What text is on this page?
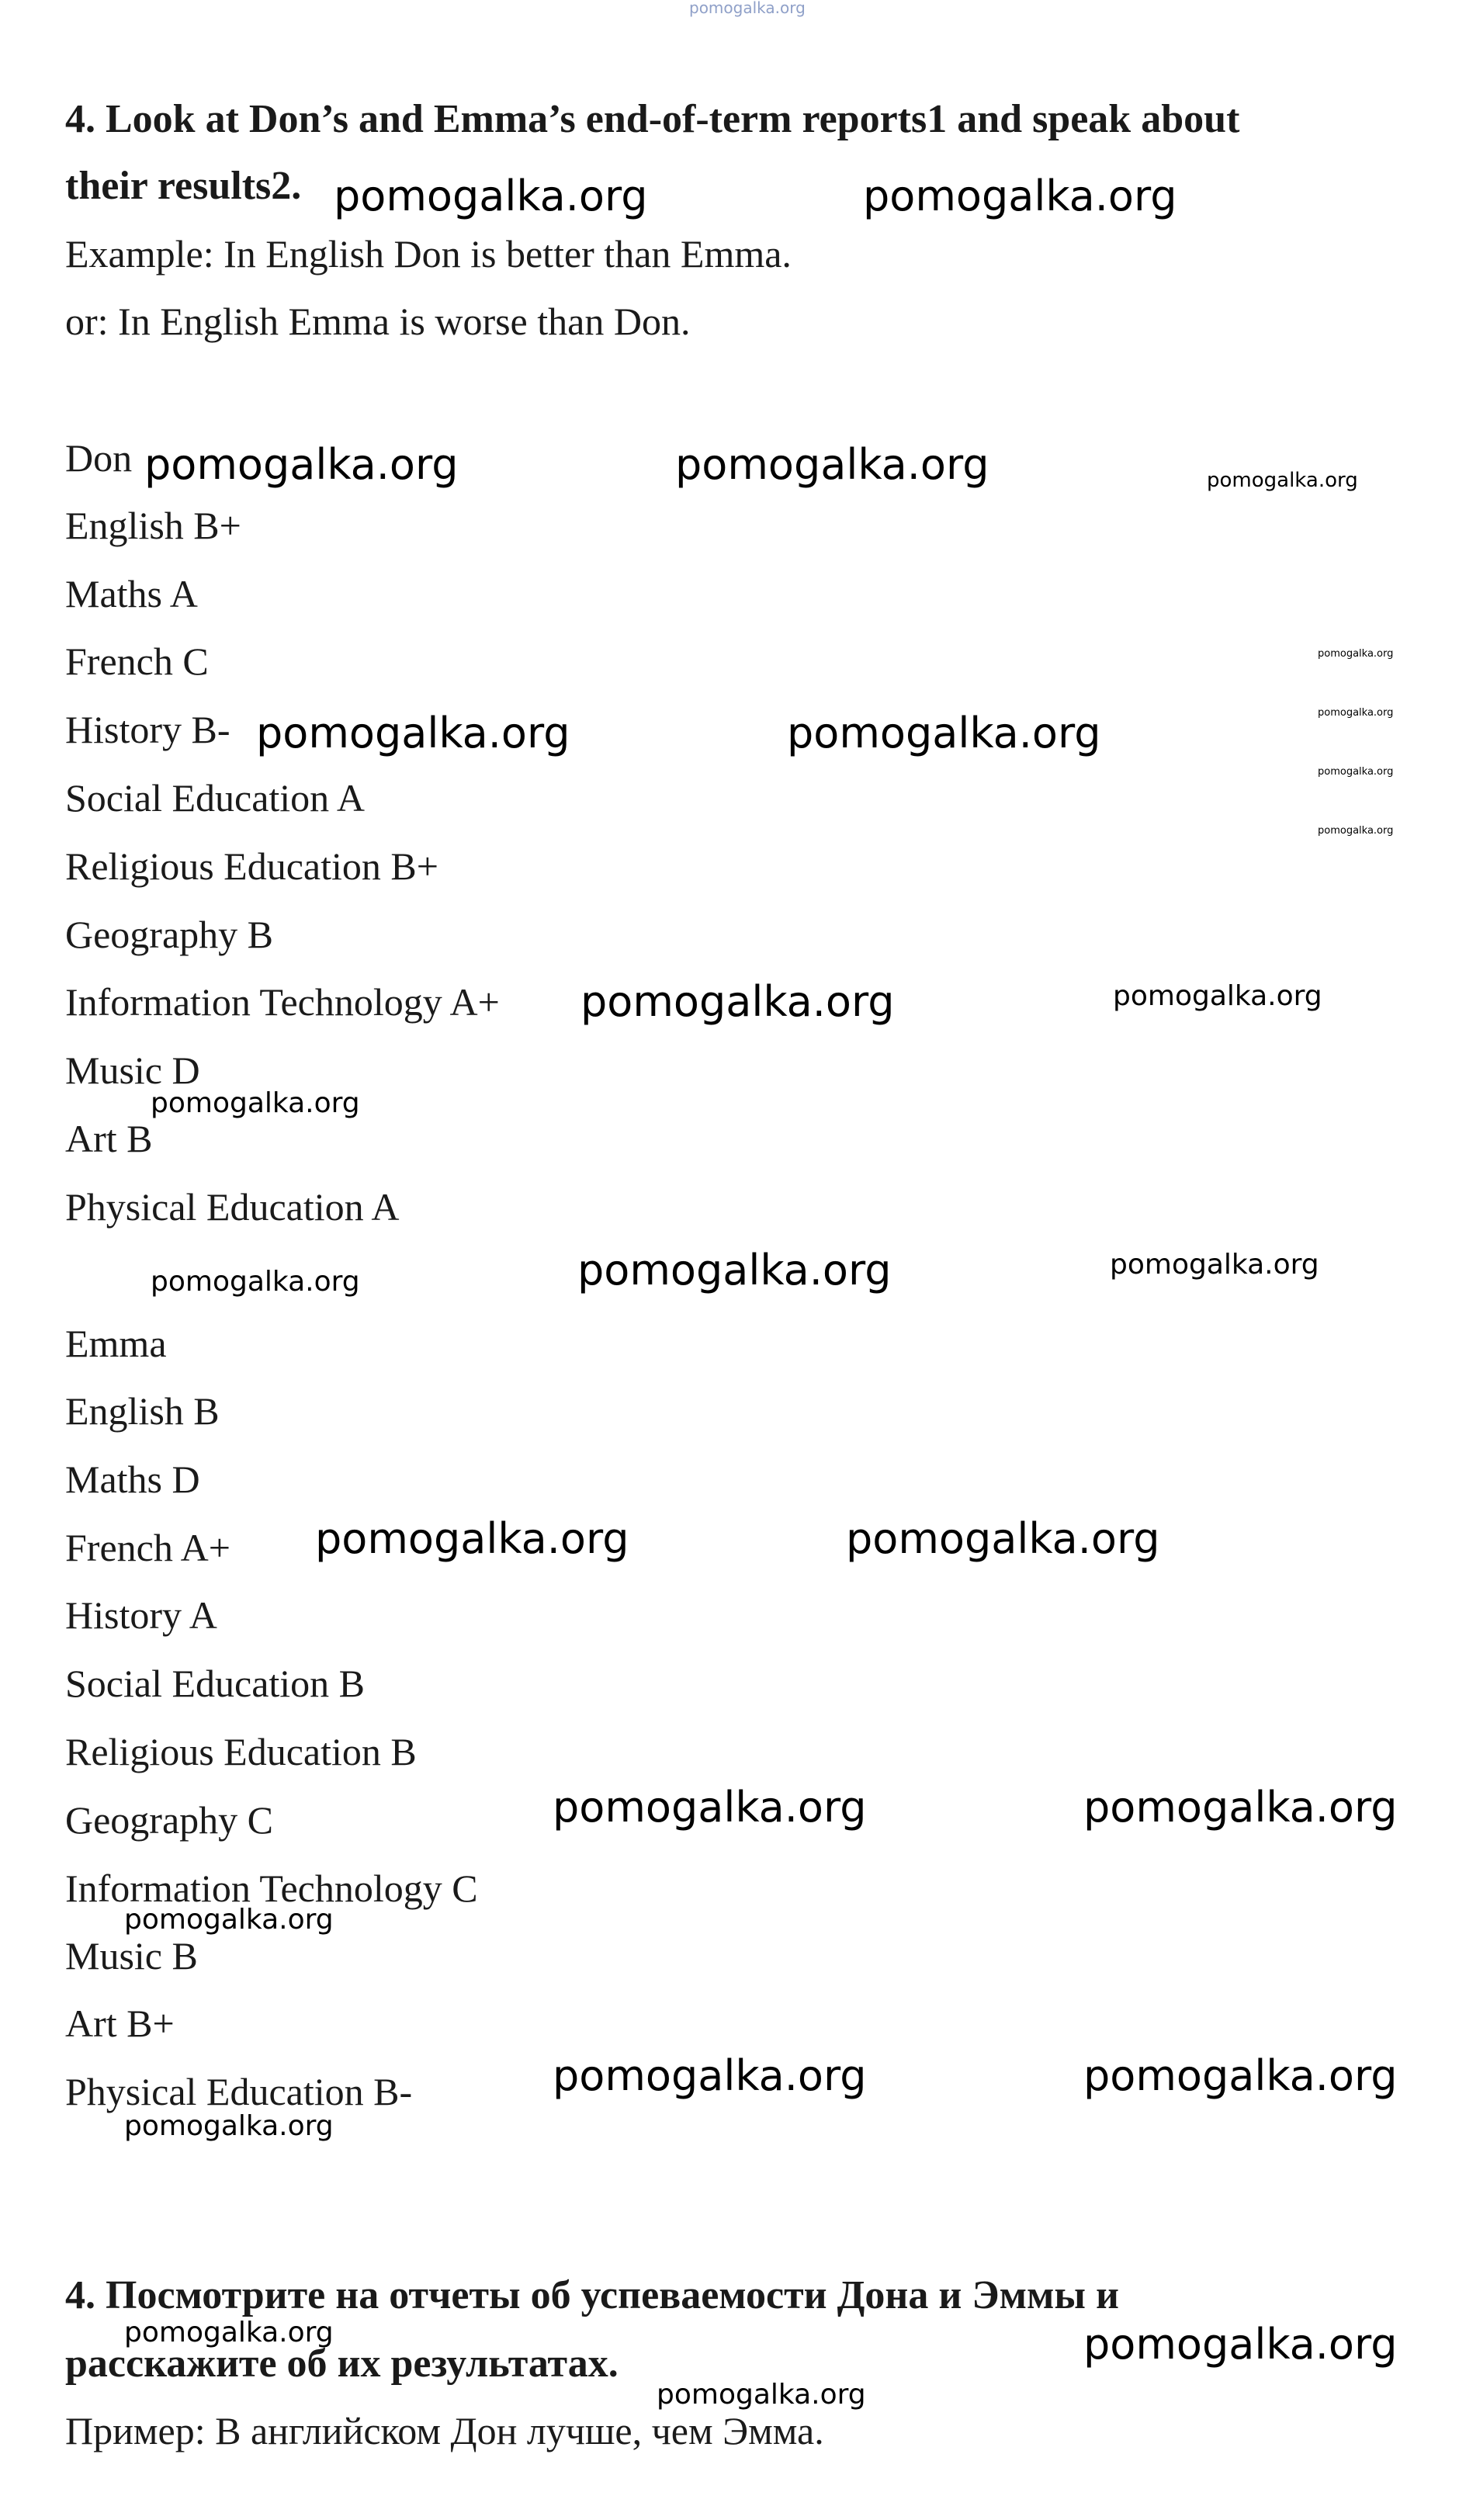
4. Look at Don’s and Emma’s end-of-term reports1 and speak about
their results2.
Example: In English Don is better than Emma.
or: In English Emma is worse than Don.
Don
English B+
Maths A
French C
History B-
Social Education A
Religious Education B+
Geography B
Information Technology A+
Music D
Art B
Physical Education A
Emma
English B
Maths D
French A+
History A
Social Education B
Religious Education B
Geography C
Information Technology C
Music B
Art B+
Physical Education B-
4. Посмотрите на отчеты об успеваемости Дона и Эммы и
расскажите об их результатах.
Пример: В английском Дон лучше, чем Эмма.
pomogalka.org
pomogalka.org	pomogalka.org
pomogalka.org	pomogalka.org	pomogalka.org
pomogalka.org
pomogalka.org
pomogalka.org
pomogalka.org
pomogalka.org	pomogalka.org
pomogalka.org	pomogalka.org
pomogalka.org
pomogalka.org	pomogalka.org	pomogalka.org
pomogalka.org	pomogalka.org
pomogalka.org	pomogalka.org
pomogalka.org
pomogalka.org	pomogalka.org
pomogalka.org
pomogalka.org	pomogalka.org
pomogalka.org
